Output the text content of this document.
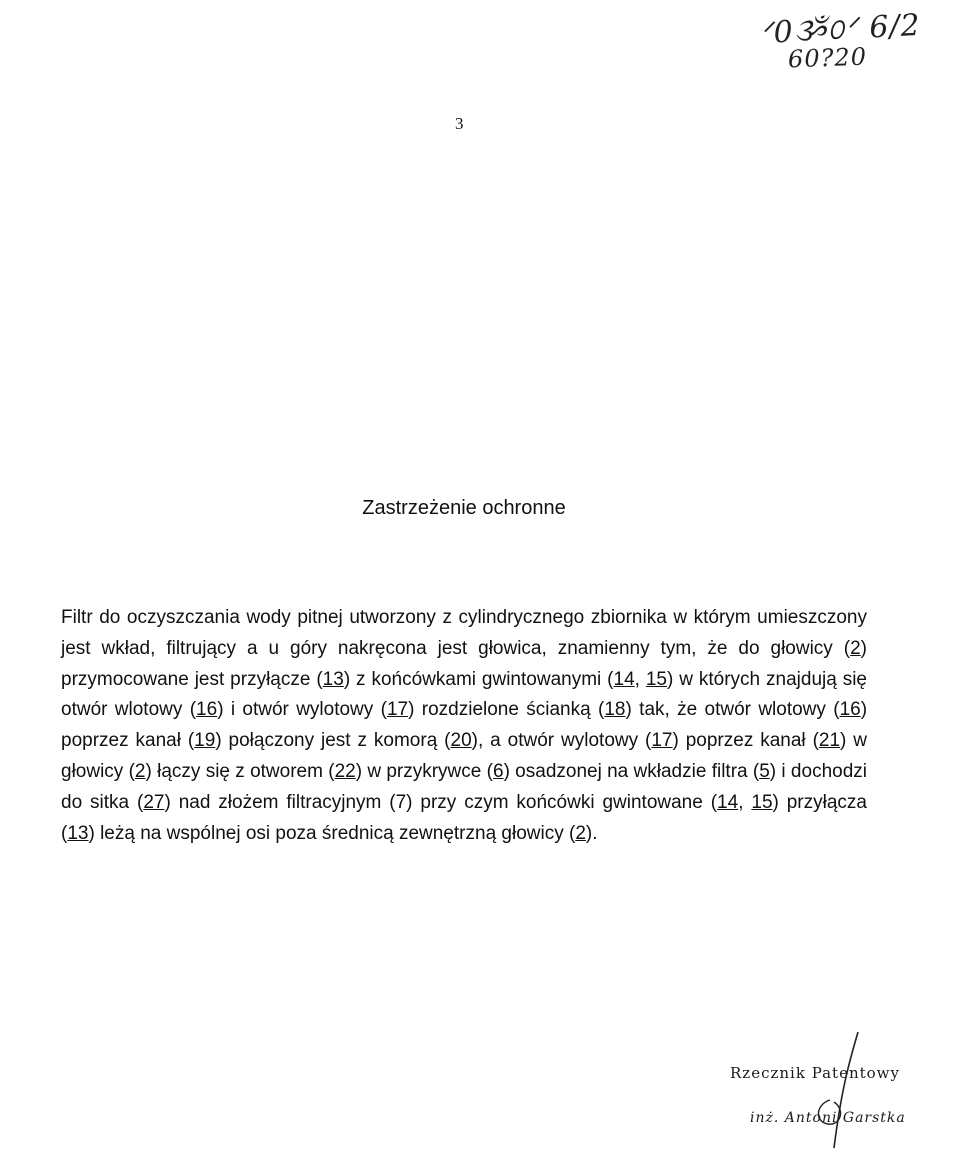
ᐟ0ૐ௦ᐟ 6/2
60?20
3
Zastrzeżenie ochronne
Filtr do oczyszczania wody pitnej utworzony z cylindrycznego zbiornika w którym umieszczony jest wkład, filtrujący a u góry nakręcona jest głowica, znamienny tym, że do głowicy (2) przymocowane jest przyłącze (13) z końcówkami gwintowanymi (14, 15) w których znajdują się otwór wlotowy (16) i otwór wylotowy (17) rozdzielone ścianką (18) tak, że otwór wlotowy (16) poprzez kanał (19) połączony jest z komorą (20), a otwór wylotowy (17) poprzez kanał (21) w głowicy (2) łączy się z otworem (22) w przykrywce (6) osadzonej na wkładzie filtra (5) i dochodzi do sitka (27) nad złożem filtracyjnym (7) przy czym końcówki gwintowane (14, 15) przyłącza (13) leżą na wspólnej osi poza średnicą zewnętrzną głowicy (2).
Rzecznik Patentowy
inż. Antoni Garstka
